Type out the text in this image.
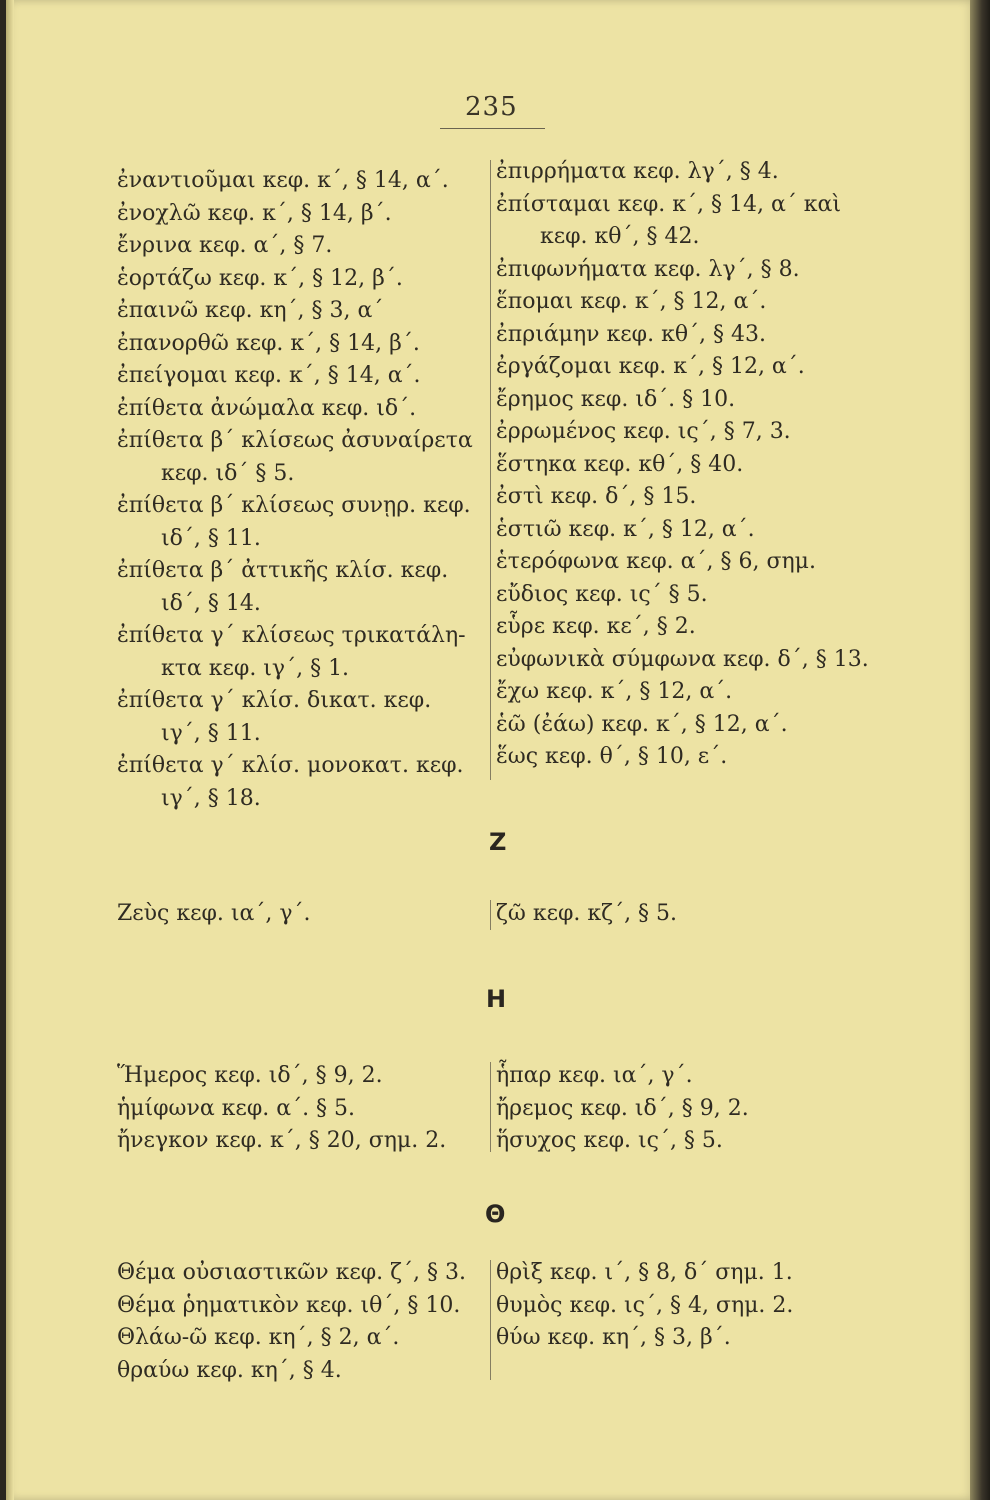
235
ἐναντιοῦμαι κεφ. κ΄, § 14, α΄.
ἐνοχλῶ κεφ. κ΄, § 14, β΄.
ἔνρινα κεφ. α΄, § 7.
ἑορτάζω κεφ. κ΄, § 12, β΄.
ἐπαινῶ κεφ. κη΄, § 3, α΄
ἐπανορθῶ κεφ. κ΄, § 14, β΄.
ἐπείγομαι κεφ. κ΄, § 14, α΄.
ἐπίθετα ἀνώμαλα κεφ. ιδ΄.
ἐπίθετα β΄ κλίσεως ἀσυναίρετα
κεφ. ιδ΄ § 5.
ἐπίθετα β΄ κλίσεως συνῃρ. κεφ.
ιδ΄, § 11.
ἐπίθετα β΄ ἀττικῆς κλίσ. κεφ.
ιδ΄, § 14.
ἐπίθετα γ΄ κλίσεως τρικατάλη-
κτα κεφ. ιγ΄, § 1.
ἐπίθετα γ΄ κλίσ. δικατ. κεφ.
ιγ΄, § 11.
ἐπίθετα γ΄ κλίσ. μονοκατ. κεφ.
ιγ΄, § 18.
ἐπιρρήματα κεφ. λγ΄, § 4.
ἐπίσταμαι κεφ. κ΄, § 14, α΄ καὶ
κεφ. κθ΄, § 42.
ἐπιφωνήματα κεφ. λγ΄, § 8.
ἕπομαι κεφ. κ΄, § 12, α΄.
ἐπριάμην κεφ. κθ΄, § 43.
ἐργάζομαι κεφ. κ΄, § 12, α΄.
ἔρημος κεφ. ιδ΄. § 10.
ἐρρωμένος κεφ. ις΄, § 7, 3.
ἕστηκα κεφ. κθ΄, § 40.
ἐστὶ κεφ. δ΄, § 15.
ἑστιῶ κεφ. κ΄, § 12, α΄.
ἑτερόφωνα κεφ. α΄, § 6, σημ.
εὔδιος κεφ. ις΄ § 5.
εὗρε κεφ. κε΄, § 2.
εὐφωνικὰ σύμφωνα κεφ. δ΄, § 13.
ἔχω κεφ. κ΄, § 12, α΄.
ἑῶ (ἐάω) κεφ. κ΄, § 12, α΄.
ἕως κεφ. θ΄, § 10, ε΄.
Ζ
Ζεὺς κεφ. ια΄, γ΄.	ζῶ κεφ. κζ΄, § 5.
Η
Ἥμερος κεφ. ιδ΄, § 9, 2.
ἡμίφωνα κεφ. α΄. § 5.
ἤνεγκον κεφ. κ΄, § 20, σημ. 2.
ἧπαρ κεφ. ια΄, γ΄.
ἤρεμος κεφ. ιδ΄, § 9, 2.
ἥσυχος κεφ. ις΄, § 5.
Θ
Θέμα οὐσιαστικῶν κεφ. ζ΄, § 3.
Θέμα ῥηματικὸν κεφ. ιθ΄, § 10.
Θλάω-ῶ κεφ. κη΄, § 2, α΄.
θραύω κεφ. κη΄, § 4.
θρὶξ κεφ. ι΄, § 8, δ΄ σημ. 1.
θυμὸς κεφ. ις΄, § 4, σημ. 2.
θύω κεφ. κη΄, § 3, β΄.
